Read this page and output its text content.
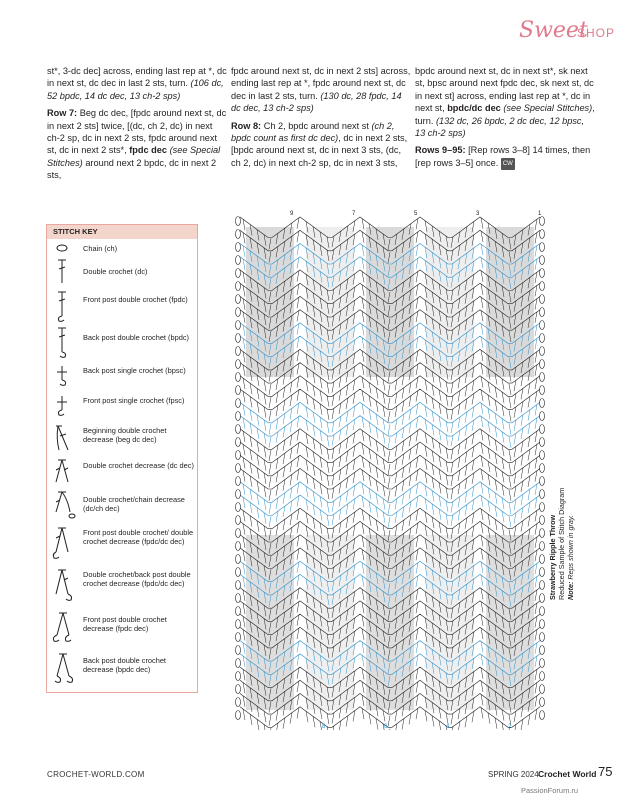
Sweet
SHOP

st*, 3-dc dec] across, ending last rep at *, dc in next st, dc dec in last 2 sts, turn. (106 dc, 52 bpdc, 14 dc dec, 13 ch-2 sps)

Row 7: Beg dc dec, [fpdc around next st, dc in next 2 sts] twice, [(dc, ch 2, dc) in next ch-2 sp, dc in next 2 sts, fpdc around next st, dc in next 2 sts*, fpdc dec (see Special Stitches) around next 2 bpdc, dc in next 2 sts,

fpdc around next st, dc in next 2 sts] across, ending last rep at *, fpdc around next st, dc dec in last 2 sts, turn. (130 dc, 28 fpdc, 14 dc dec, 13 ch-2 sps)

Row 8: Ch 2, bpdc around next st (ch 2, bpdc count as first dc dec), dc in next 2 sts, [bpdc around next st, dc in next 3 sts, (dc, ch 2, dc) in next ch-2 sp, dc in next 3 sts,

bpdc around next st, dc in next st*, sk next st, bpsc around next fpdc dec, sk next st, dc in next st] across, ending last rep at *, dc in next st, bpdc/dc dec (see Special Stitches), turn. (132 dc, 26 bpdc, 2 dc dec, 12 bpsc, 13 ch-2 sps)

Rows 9–95: [Rep rows 3–8] 14 times, then [rep rows 3–5] once. CW

STITCH KEY
Chain (ch)
Double crochet (dc)
Front post double crochet (fpdc)
Back post double crochet (bpdc)
Back post single crochet (bpsc)
Front post single crochet (fpsc)
Beginning double crochet decrease (beg dc dec)
Double crochet decrease (dc dec)
Double crochet/chain decrease (dc/ch dec)
Front post double crochet/ double crochet decrease (fpdc/dc dec)
Double crochet/back post double crochet decrease (fpdc/dc dec)
Front post double crochet decrease (fpdc dec)
Back post double crochet decrease (bpdc dec)
9	7	5	3	1
8	6	4	2
Strawberry Ripple Throw Reduced Sample of Stitch Diagram Note: Reps shown in gray.
CROCHET-WORLD.COM	SPRING 2024 Crochet World 75
PassionForum.ru
